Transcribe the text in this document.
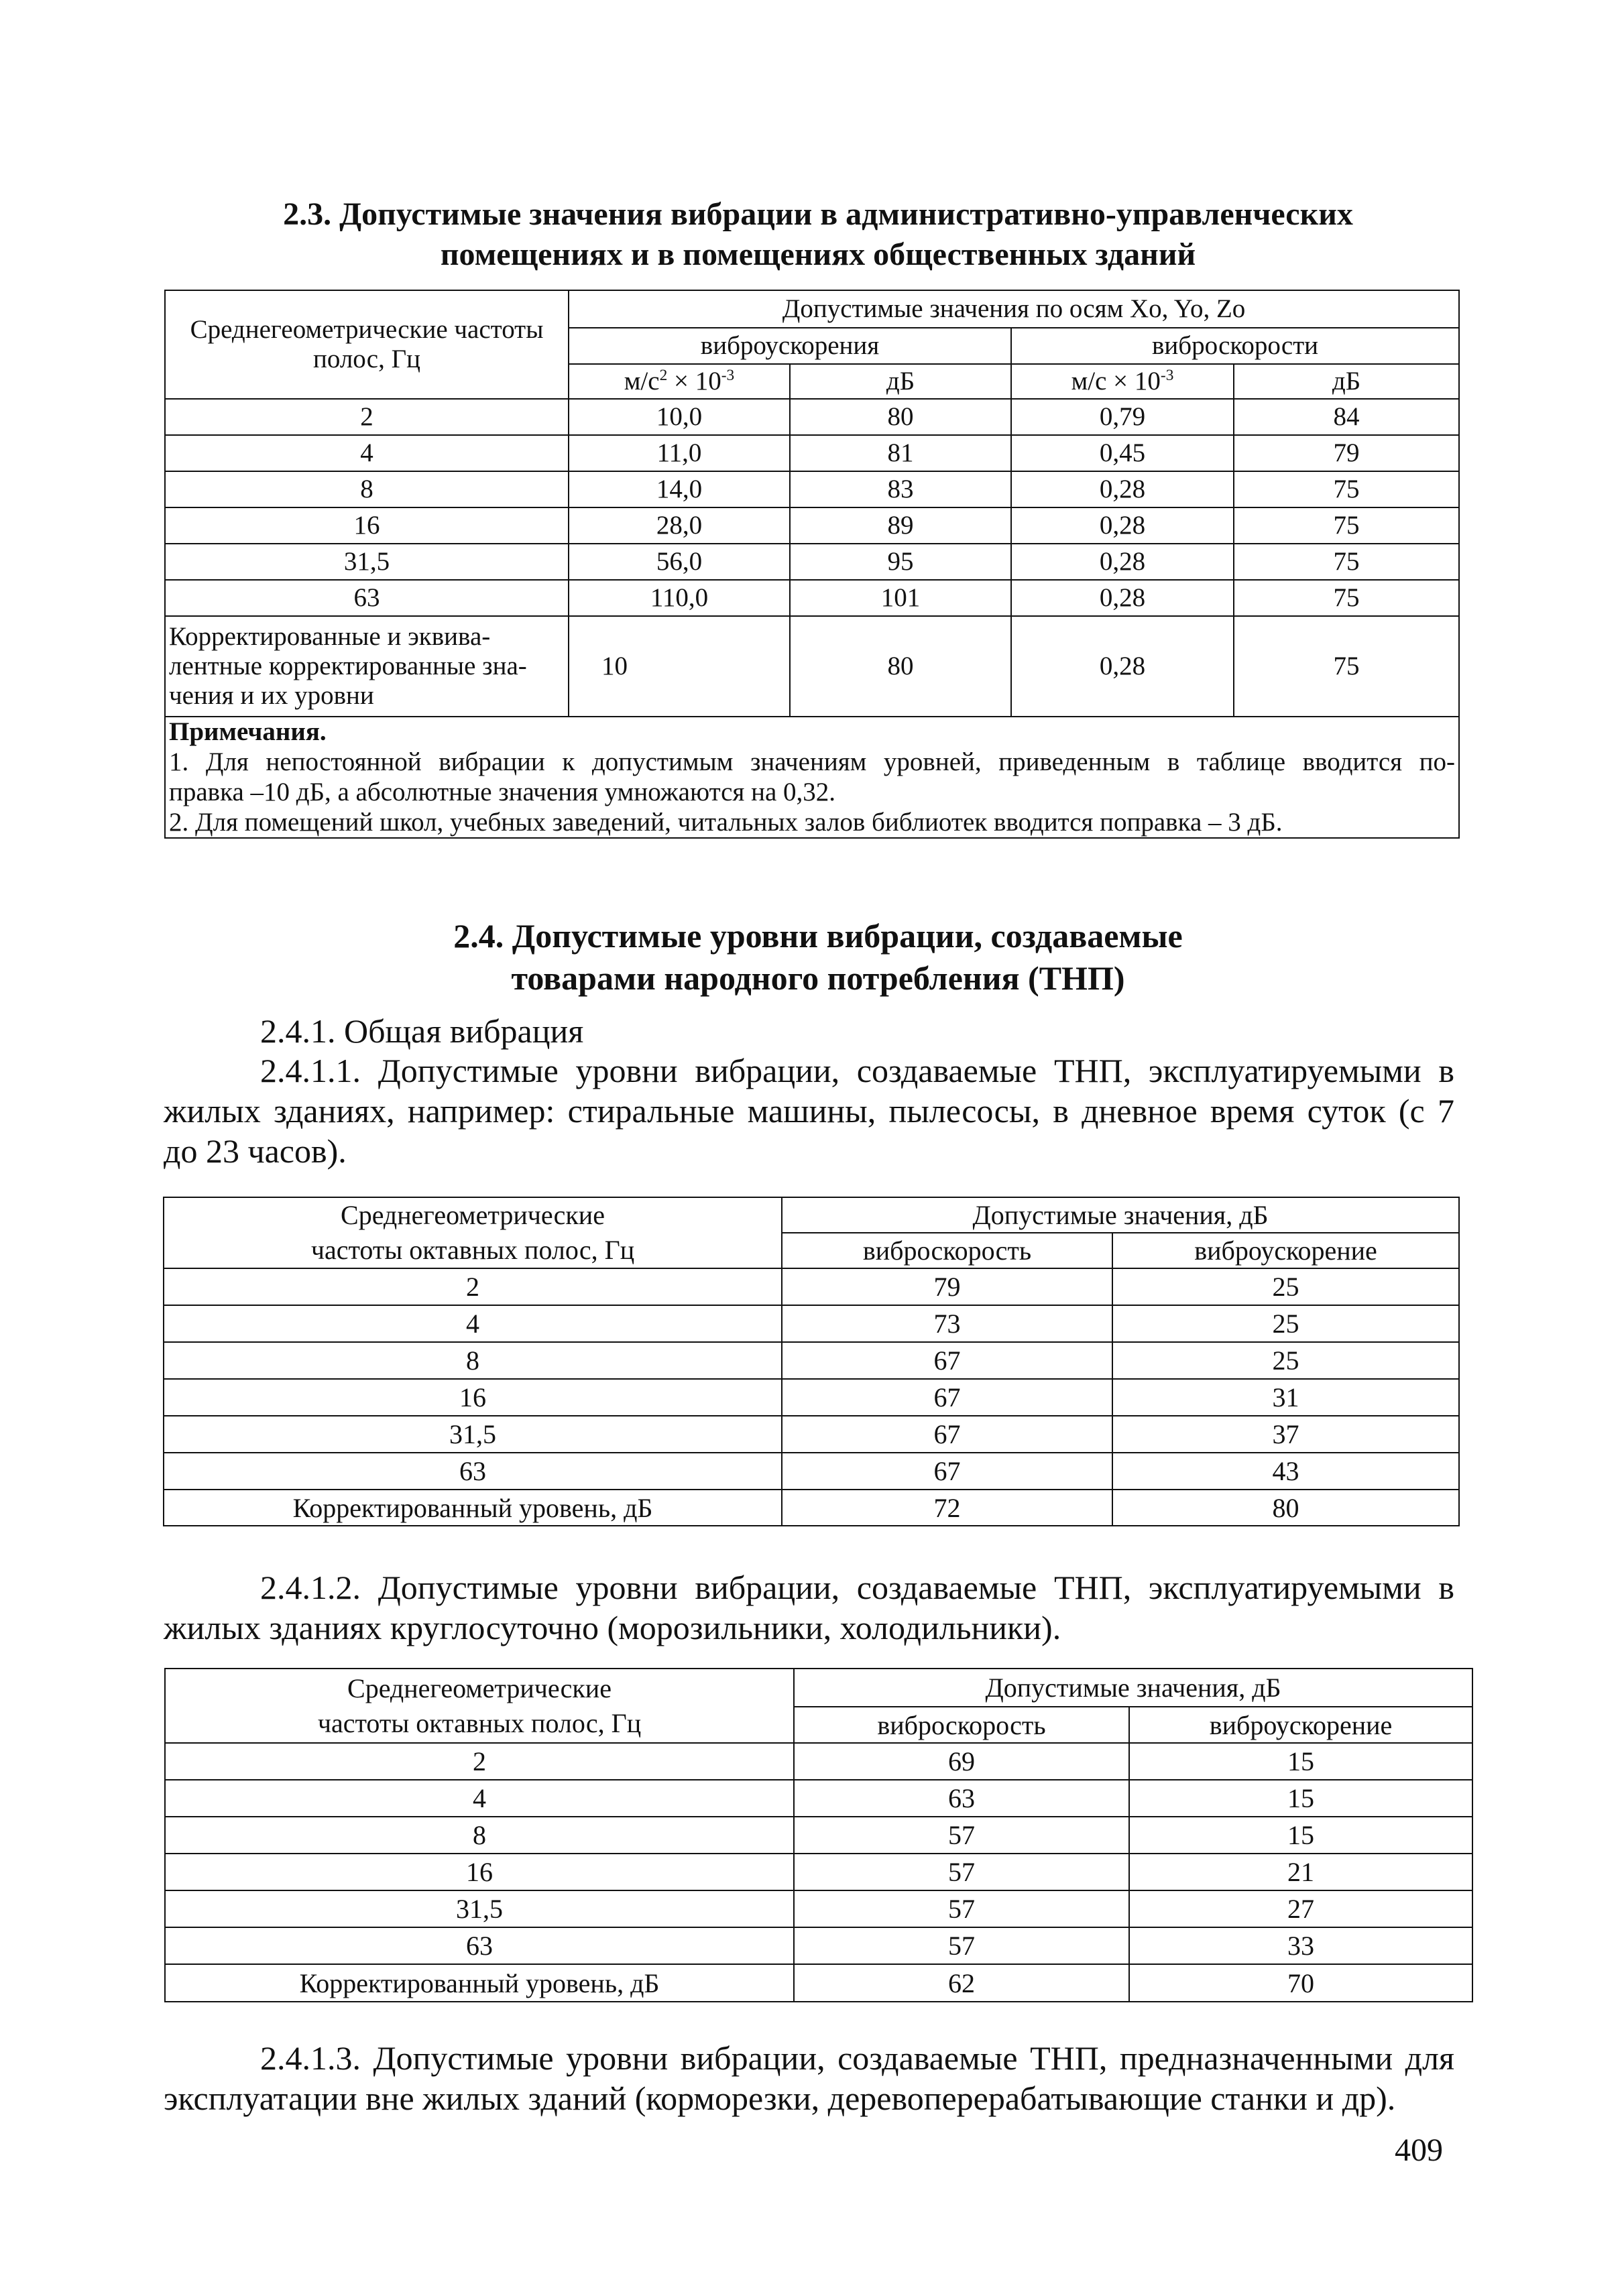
2.3. Допустимые значения вибрации в административно-управленческих
помещениях и в помещениях общественных зданий
Среднегеометрические частоты полос, Гц	Допустимые значения по осям Xo, Yo, Zo			
	виброускорения		виброскорости	
	$м/с^2 \times 10^{-3}$	дБ	$м/с \times 10^{-3}$	дБ
2	10,0	80	0,79	84
4	11,0	81	0,45	79
8	14,0	83	0,28	75
16	28,0	89	0,28	75
31,5	56,0	95	0,28	75
63	110,0	101	0,28	75

Корректированные и эквива-
лентные корректированные зна-
чения и их уровни	10	80	0,28	75

Примечания.
1. Для непостоянной вибрации к допустимым значениям уровней, приведенным в таблице вводится по-
правка –10 дБ, а абсолютные значения умножаются на 0,32.
2. Для помещений школ, учебных заведений, читальных залов библиотек вводится поправка – 3 дБ.				
2.4. Допустимые уровни вибрации, создаваемые
товарами народного потребления (ТНП)
2.4.1. Общая вибрация
2.4.1.1. Допустимые уровни вибрации, создаваемые ТНП, эксплуатируемыми в
жилых зданиях, например: стиральные машины, пылесосы, в дневное время суток (с 7
до 23 часов).
Среднегеометрические
частоты октавных полос, Гц	Допустимые значения, дБ	
	виброскорость	виброускорение
2	79	25
4	73	25
8	67	25
16	67	31
31,5	67	37
63	67	43
Корректированный уровень, дБ	72	80
2.4.1.2. Допустимые уровни вибрации, создаваемые ТНП, эксплуатируемыми в
жилых зданиях круглосуточно (морозильники, холодильники).
Среднегеометрические
частоты октавных полос, Гц	Допустимые значения, дБ	
	виброскорость	виброускорение
2	69	15
4	63	15
8	57	15
16	57	21
31,5	57	27
63	57	33
Корректированный уровень, дБ	62	70
2.4.1.3. Допустимые уровни вибрации, создаваемые ТНП, предназначенными для
эксплуатации вне жилых зданий (корморезки, деревоперерабатывающие станки и др).
409
